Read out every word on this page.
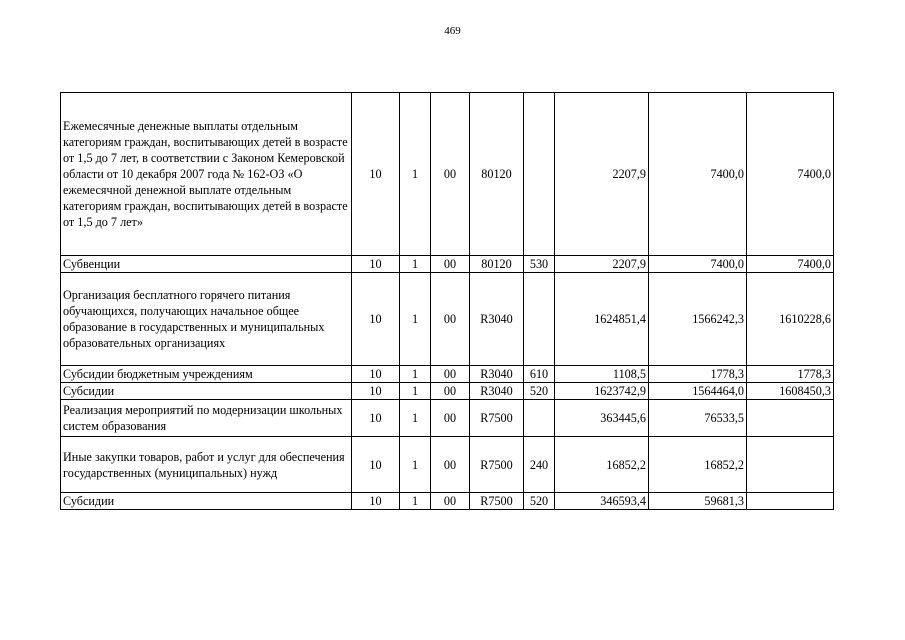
469
Ежемесячные денежные выплаты отдельным категориям граждан, воспитывающих детей в возрасте от 1,5 до 7 лет, в соответствии с Законом Кемеровской области от 10 декабря 2007 года № 162-ОЗ «О ежемесячной денежной выплате отдельным категориям граждан, воспитывающих детей в возрасте от 1,5 до 7 лет»	10	1	00	80120		2207,9	7400,0	7400,0
Субвенции	10	1	00	80120	530	2207,9	7400,0	7400,0
Организация бесплатного горячего питания обучающихся, получающих начальное общее образование в государственных и муниципальных образовательных организациях	10	1	00	R3040		1624851,4	1566242,3	1610228,6
Субсидии бюджетным учреждениям	10	1	00	R3040	610	1108,5	1778,3	1778,3
Субсидии	10	1	00	R3040	520	1623742,9	1564464,0	1608450,3
Реализация мероприятий по модернизации школьных систем образования	10	1	00	R7500		363445,6	76533,5	
Иные закупки товаров, работ и услуг для обеспечения государственных (муниципальных) нужд	10	1	00	R7500	240	16852,2	16852,2	
Субсидии	10	1	00	R7500	520	346593,4	59681,3	
